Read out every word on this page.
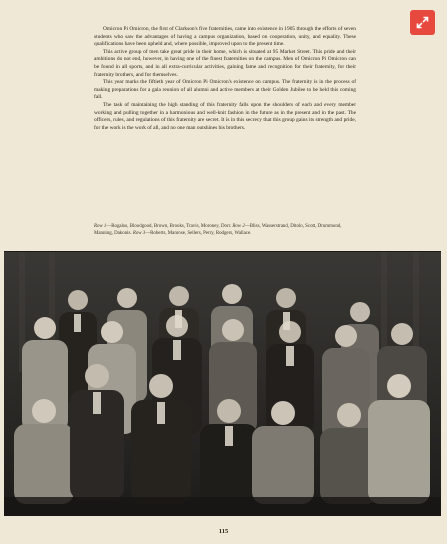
Omicron Pi Omicron, the first of Clarkson's five fraternities, came into existence in 1905 through the efforts of seven students who saw the advantages of having a campus organization, based on cooperation, unity, and equality. These qualifications have been upheld and, where possible, improved upon to the present time.

This active group of men take great pride in their home, which is situated at 95 Market Street. This pride and their ambitions do not end, however, in having one of the finest fraternities on the campus. Men of Omicron Pi Omicron can be found in all sports, and in all extra-curricular activities, gaining fame and recognition for their fraternity, for their fraternity brothers, and for themselves.

This year marks the fiftieth year of Omicron Pi Omicron's existence on campus. The fraternity is in the process of making preparations for a gala reunion of all alumni and active members at their Golden Jubilee to be held this coming fall.

The task of maintaining the high standing of this fraternity falls upon the shoulders of each and every member working and pulling together in a harmonious and well-knit fashion in the future as in the present and in the past. The officers, rules, and regulations of this fraternity are secret. It is in this secrecy that this group gains its strength and pride, for the work is the work of all, and no one man outshines his brothers.

Row 1—Rogalus, Bloodgood, Brown, Brooks, Travis, Moroney, Dorr. Row 2—Bliss, Wasserstrand, Ditolo, Scott, Drummond, Manning, Dakonis. Row 3—Roberts, Manrose, Sellers, Perry, Rodgers, Wallace.
115
